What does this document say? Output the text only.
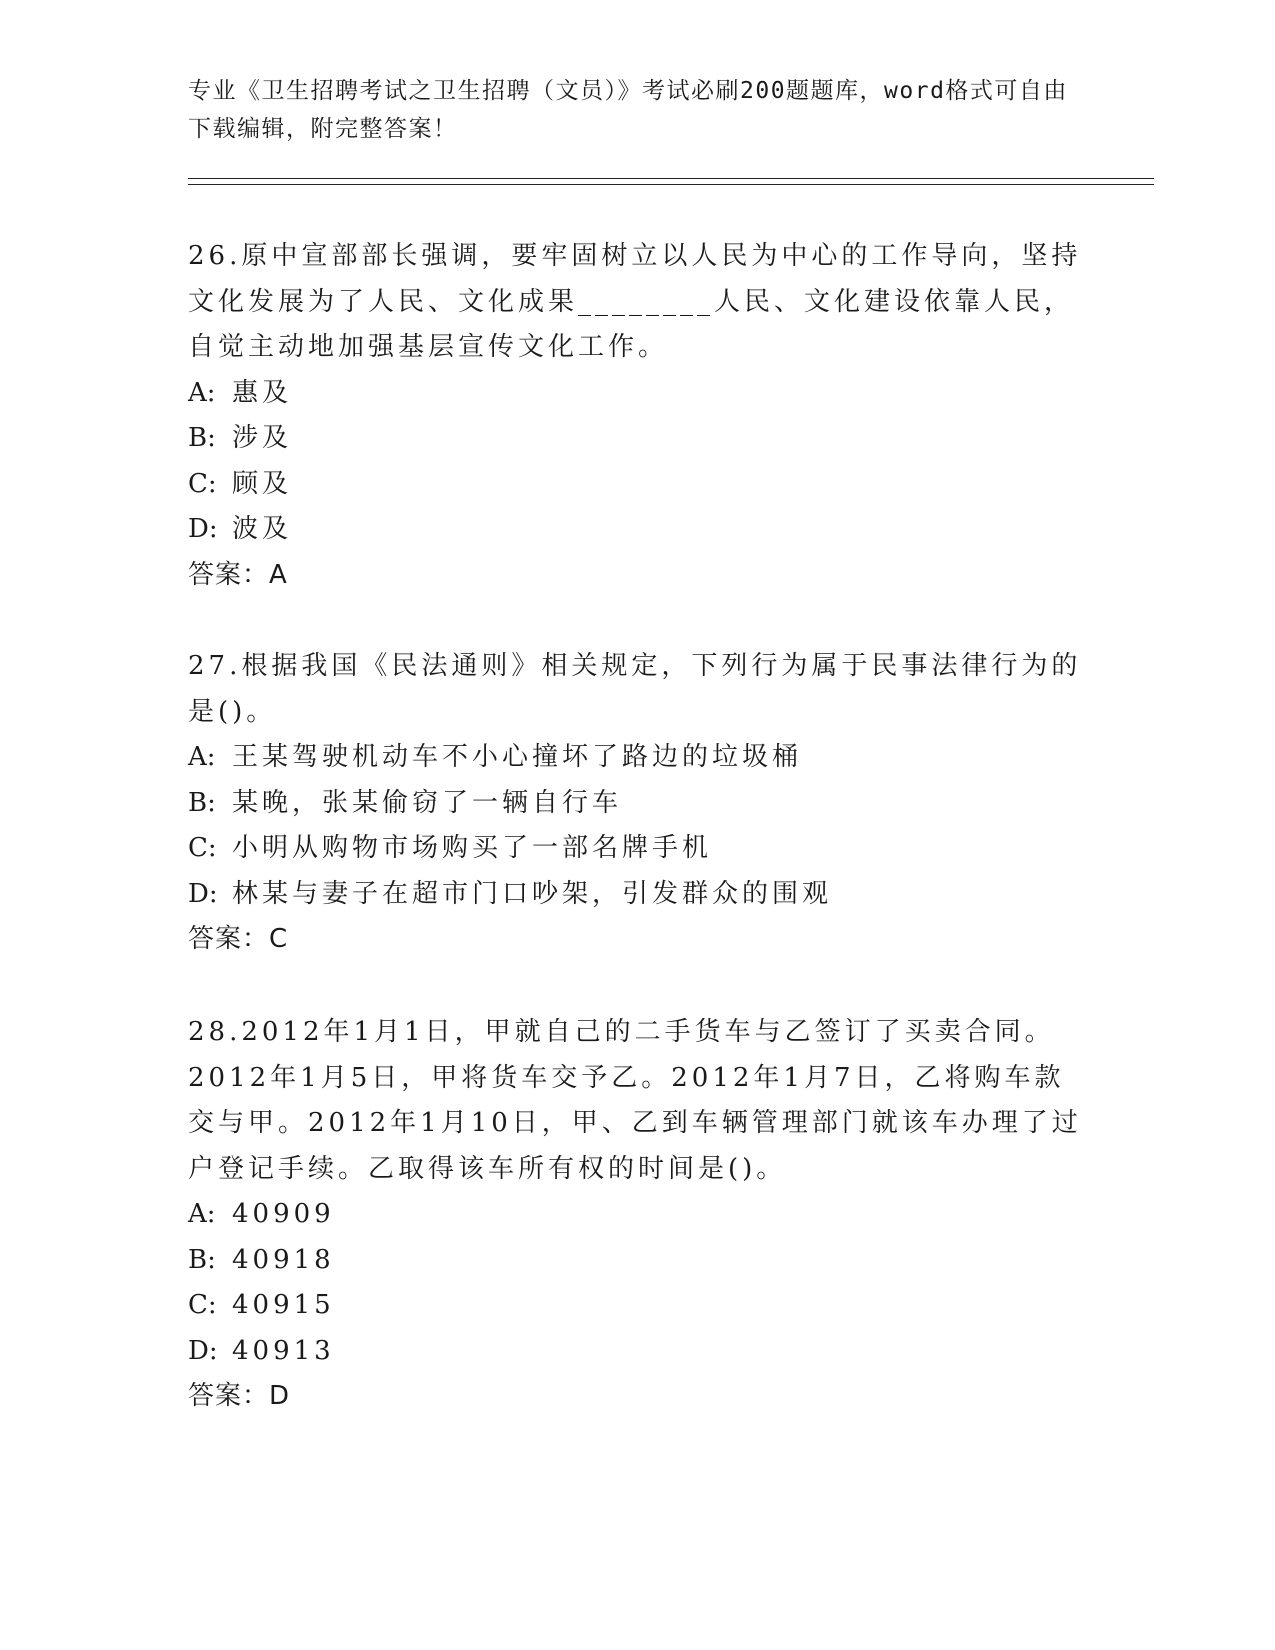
专业《卫生招聘考试之卫生招聘（文员）》考试必刷200题题库，word格式可自由下载编辑，附完整答案！

26.原中宣部部长强调，要牢固树立以人民为中心的工作导向，坚持文化发展为了人民、文化成果________人民、文化建设依靠人民，自觉主动地加强基层宣传文化工作。

A: 惠及

B: 涉及

C: 顾及

D: 波及

答案：A

27.根据我国《民法通则》相关规定，下列行为属于民事法律行为的是()。

A: 王某驾驶机动车不小心撞坏了路边的垃圾桶

B: 某晚，张某偷窃了一辆自行车

C: 小明从购物市场购买了一部名牌手机

D: 林某与妻子在超市门口吵架，引发群众的围观

答案：C

28.2012年1月1日，甲就自己的二手货车与乙签订了买卖合同。2012年1月5日，甲将货车交予乙。2012年1月7日，乙将购车款交与甲。2012年1月10日，甲、乙到车辆管理部门就该车办理了过户登记手续。乙取得该车所有权的时间是()。

A: 40909

B: 40918

C: 40915

D: 40913

答案：D
